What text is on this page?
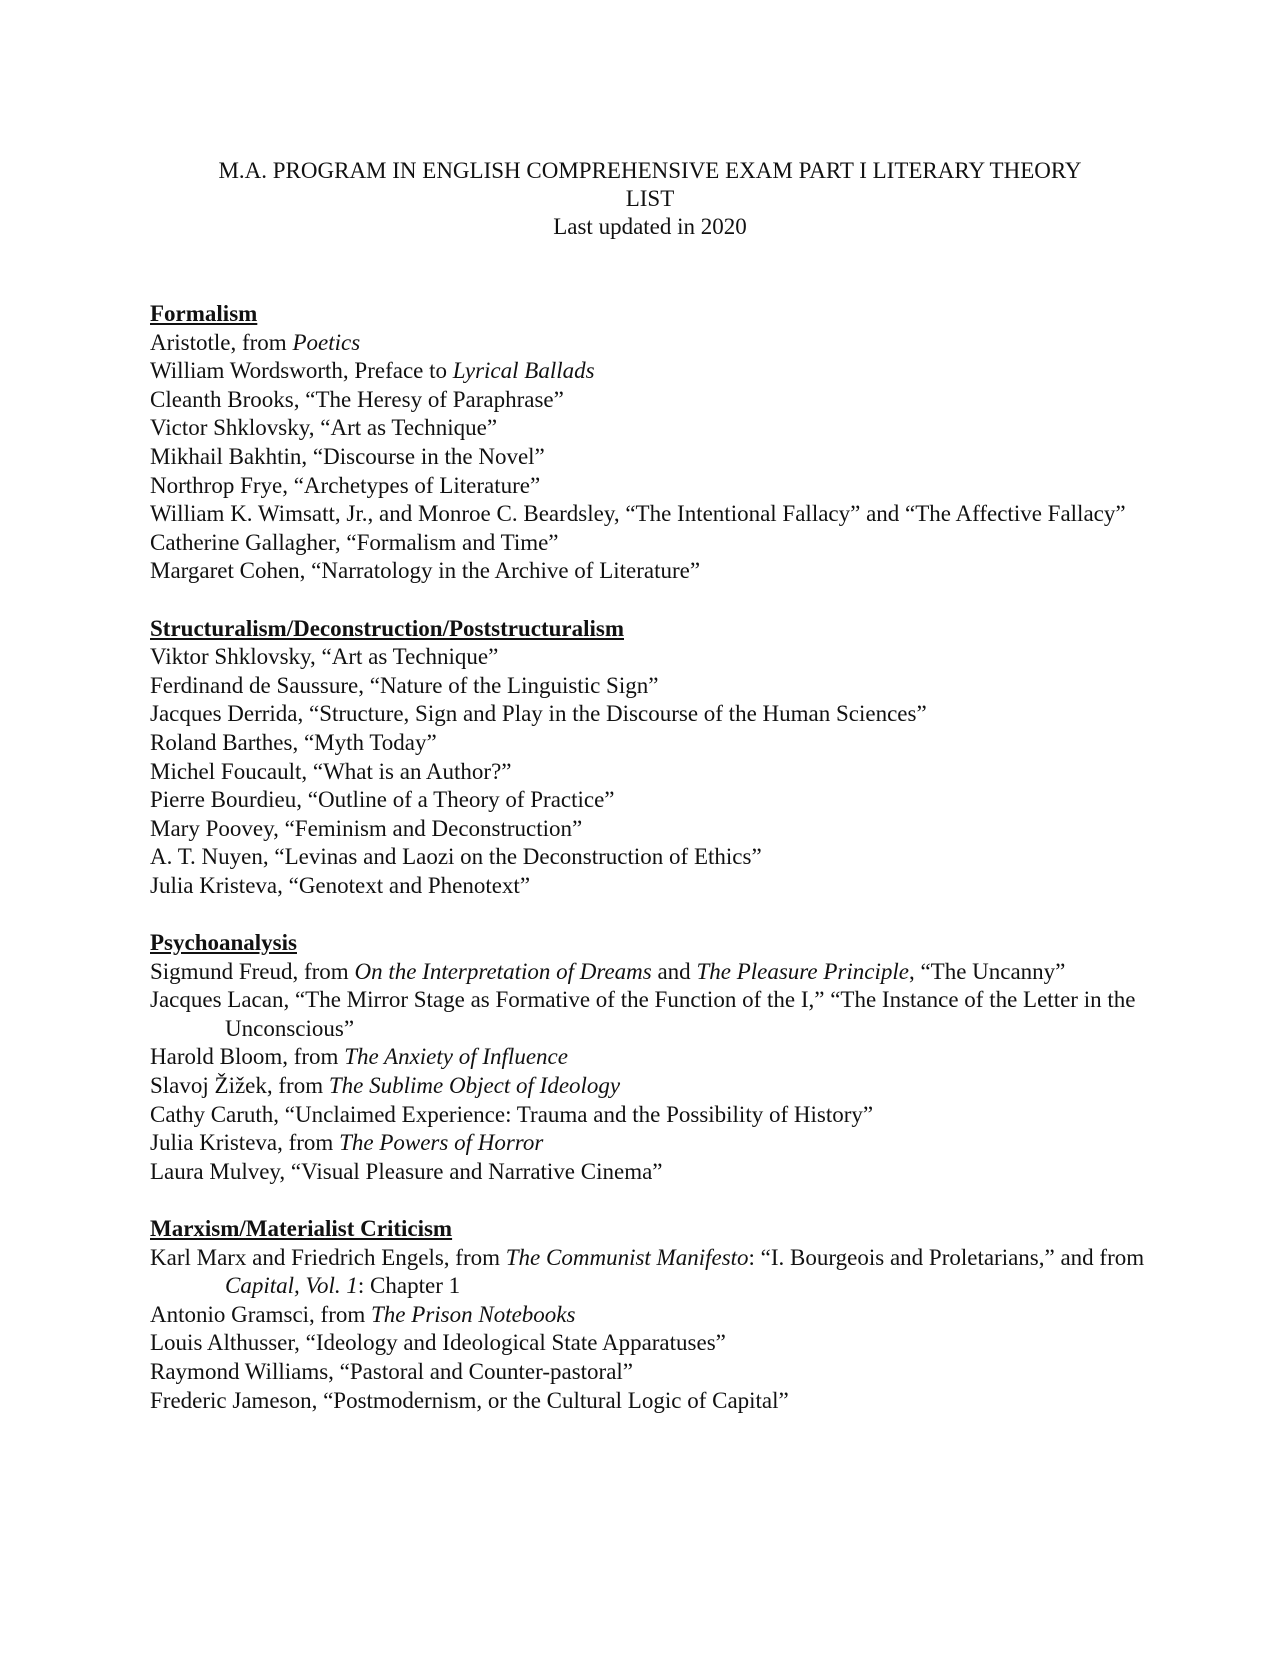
M.A. PROGRAM IN ENGLISH COMPREHENSIVE EXAM PART I LITERARY THEORY
LIST
Last updated in 2020
Formalism
Aristotle, from Poetics
William Wordsworth, Preface to Lyrical Ballads
Cleanth Brooks, “The Heresy of Paraphrase”
Victor Shklovsky, “Art as Technique”
Mikhail Bakhtin, “Discourse in the Novel”
Northrop Frye, “Archetypes of Literature”
William K. Wimsatt, Jr., and Monroe C. Beardsley, “The Intentional Fallacy” and “The Affective Fallacy”
Catherine Gallagher, “Formalism and Time”
Margaret Cohen, “Narratology in the Archive of Literature”
Structuralism/Deconstruction/Poststructuralism
Viktor Shklovsky, “Art as Technique”
Ferdinand de Saussure, “Nature of the Linguistic Sign”
Jacques Derrida, “Structure, Sign and Play in the Discourse of the Human Sciences”
Roland Barthes, “Myth Today”
Michel Foucault, “What is an Author?”
Pierre Bourdieu, “Outline of a Theory of Practice”
Mary Poovey, “Feminism and Deconstruction”
A. T. Nuyen, “Levinas and Laozi on the Deconstruction of Ethics”
Julia Kristeva, “Genotext and Phenotext”
Psychoanalysis
Sigmund Freud, from On the Interpretation of Dreams and The Pleasure Principle, “The Uncanny”
Jacques Lacan, “The Mirror Stage as Formative of the Function of the I,” “The Instance of the Letter in the Unconscious”
Harold Bloom, from The Anxiety of Influence
Slavoj Žižek, from The Sublime Object of Ideology
Cathy Caruth, “Unclaimed Experience: Trauma and the Possibility of History”
Julia Kristeva, from The Powers of Horror
Laura Mulvey, “Visual Pleasure and Narrative Cinema”
Marxism/Materialist Criticism
Karl Marx and Friedrich Engels, from The Communist Manifesto: “I. Bourgeois and Proletarians,” and from Capital, Vol. 1: Chapter 1
Antonio Gramsci, from The Prison Notebooks
Louis Althusser, “Ideology and Ideological State Apparatuses”
Raymond Williams, “Pastoral and Counter-pastoral”
Frederic Jameson, “Postmodernism, or the Cultural Logic of Capital”
